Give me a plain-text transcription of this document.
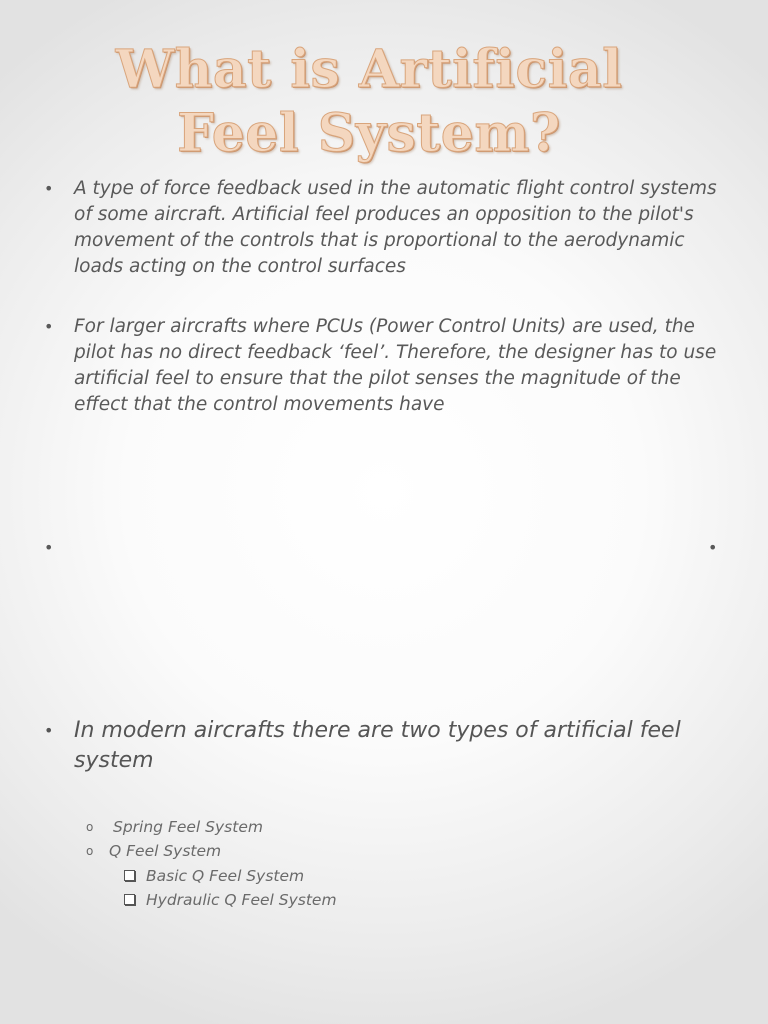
What is Artificial
Feel System?
• A type of force feedback used in the automatic flight control systems of some aircraft. Artificial feel produces an opposition to the pilot's movement of the controls that is proportional to the aerodynamic loads acting on the control surfaces
• For larger aircrafts where PCUs (Power Control Units) are used, the pilot has no direct feedback ‘feel’. Therefore, the designer has to use artificial feel to ensure that the pilot senses the magnitude of the effect that the control movements have
•	•
• In modern aircrafts there are two types of artificial feel system
o Spring Feel System
o Q Feel System
Basic Q Feel System
Hydraulic Q Feel System
